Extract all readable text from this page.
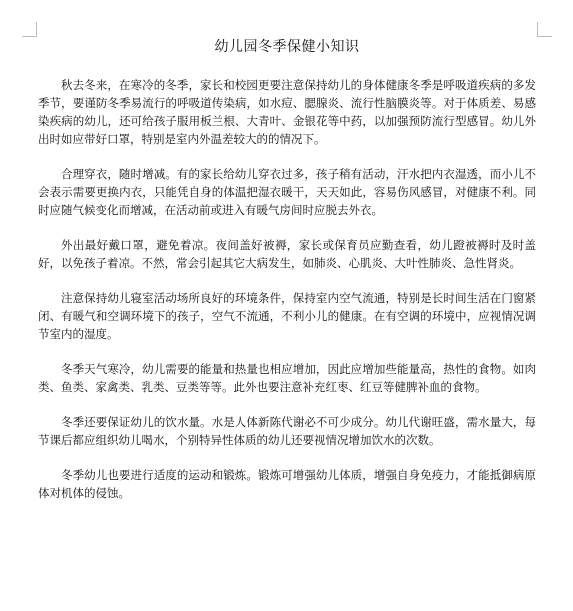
幼儿园冬季保健小知识

秋去冬来，在寒冷的冬季，家长和校园更要注意保持幼儿的身体健康冬季是呼吸道疾病的多发季节，要谨防冬季易流行的呼吸道传染病，如水痘、腮腺炎、流行性脑膜炎等。对于体质差、易感染疾病的幼儿，还可给孩子服用板兰根、大青叶、金银花等中药，以加强预防流行型感冒。幼儿外出时如应带好口罩，特别是室内外温差较大的的情况下。

合理穿衣，随时增减。有的家长给幼儿穿衣过多，孩子稍有活动，汗水把内衣湿透，而小儿不会表示需要更换内衣，只能凭自身的体温把湿衣暖干，天天如此，容易伤风感冒，对健康不利。同时应随气候变化而增减，在活动前或进入有暖气房间时应脱去外衣。

外出最好戴口罩，避免着凉。夜间盖好被褥，家长或保育员应勤查看，幼儿蹬被褥时及时盖好，以免孩子着凉。不然，常会引起其它大病发生，如肺炎、心肌炎、大叶性肺炎、急性肾炎。

注意保持幼儿寝室活动场所良好的环境条件，保持室内空气流通，特别是长时间生活在门窗紧闭、有暖气和空调环境下的孩子，空气不流通，不利小儿的健康。在有空调的环境中，应视情况调节室内的湿度。

冬季天气寒冷，幼儿需要的能量和热量也相应增加，因此应增加些能量高，热性的食物。如肉类、鱼类、家禽类、乳类、豆类等等。此外也要注意补充红枣、红豆等健脾补血的食物。

冬季还要保证幼儿的饮水量。水是人体新陈代谢必不可少成分。幼儿代谢旺盛，需水量大，每节课后都应组织幼儿喝水，个别特异性体质的幼儿还要视情况增加饮水的次数。

冬季幼儿也要进行适度的运动和锻炼。锻炼可增强幼儿体质，增强自身免疫力，才能抵御病原体对机体的侵蚀。
